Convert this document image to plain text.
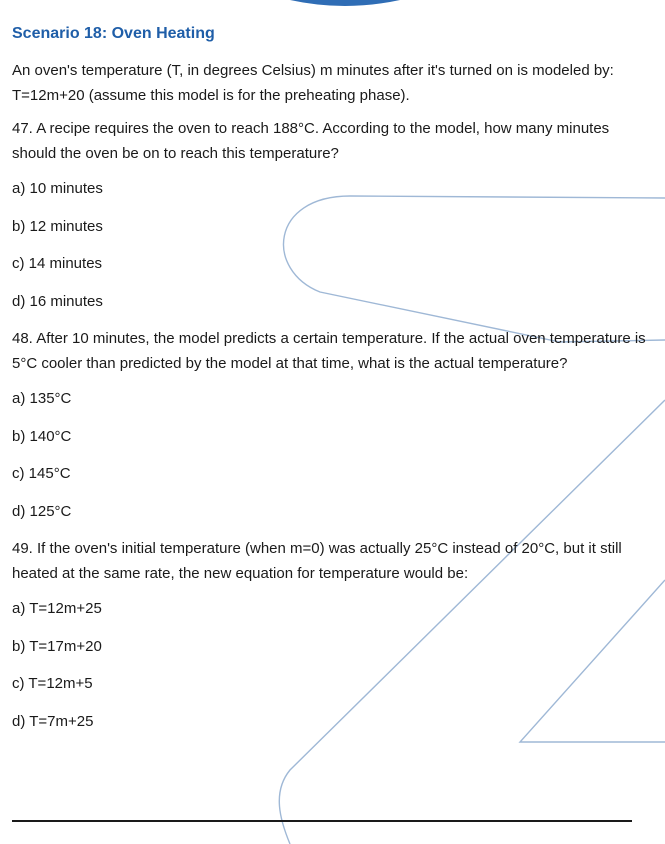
Scenario 18: Oven Heating

An oven's temperature (T, in degrees Celsius) m minutes after it's turned on is modeled by: T=12m+20 (assume this model is for the preheating phase).

47. A recipe requires the oven to reach 188°C. According to the model, how many minutes should the oven be on to reach this temperature?

a) 10 minutes
b) 12 minutes
c) 14 minutes
d) 16 minutes

48. After 10 minutes, the model predicts a certain temperature. If the actual oven temperature is 5°C cooler than predicted by the model at that time, what is the actual temperature?

a) 135°C
b) 140°C
c) 145°C
d) 125°C

49. If the oven's initial temperature (when m=0) was actually 25°C instead of 20°C, but it still heated at the same rate, the new equation for temperature would be:

a) T=12m+25
b) T=17m+20
c) T=12m+5
d) T=7m+25
